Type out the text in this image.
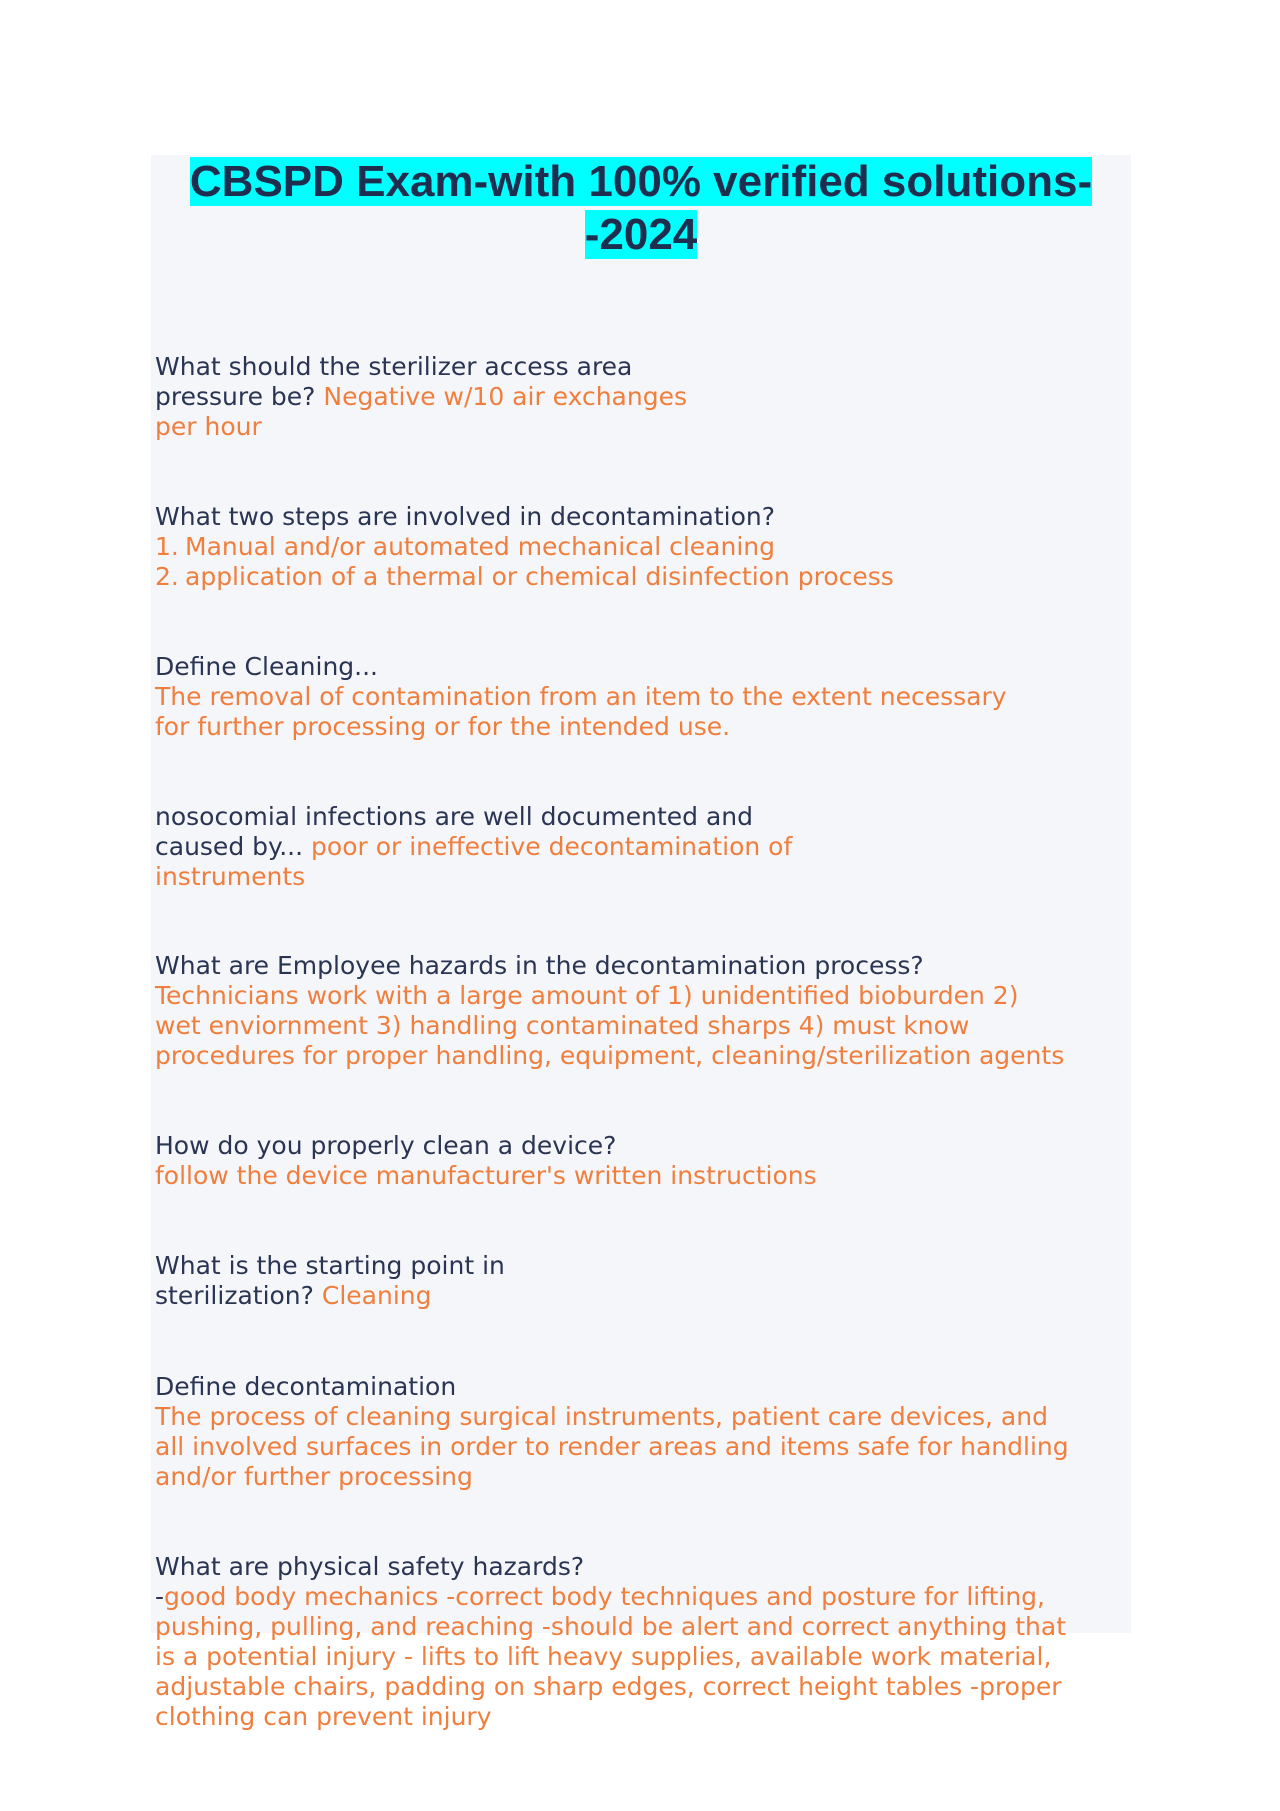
CBSPD Exam-with 100% verified solutions-
-2024
What should the sterilizer access area
pressure be? Negative w/10 air exchanges
per hour
What two steps are involved in decontamination?
1. Manual and/or automated mechanical cleaning
2. application of a thermal or chemical disinfection process
Define Cleaning...
The removal of contamination from an item to the extent necessary
for further processing or for the intended use.
nosocomial infections are well documented and
caused by... poor or ineffective decontamination of
instruments
What are Employee hazards in the decontamination process?
Technicians work with a large amount of 1) unidentified bioburden 2)
wet enviornment 3) handling contaminated sharps 4) must know
procedures for proper handling, equipment, cleaning/sterilization agents
How do you properly clean a device?
follow the device manufacturer's written instructions
What is the starting point in
sterilization? Cleaning
Define decontamination
The process of cleaning surgical instruments, patient care devices, and
all involved surfaces in order to render areas and items safe for handling
and/or further processing
What are physical safety hazards?
-good body mechanics -correct body techniques and posture for lifting,
pushing, pulling, and reaching -should be alert and correct anything that
is a potential injury - lifts to lift heavy supplies, available work material,
adjustable chairs, padding on sharp edges, correct height tables -proper
clothing can prevent injury
